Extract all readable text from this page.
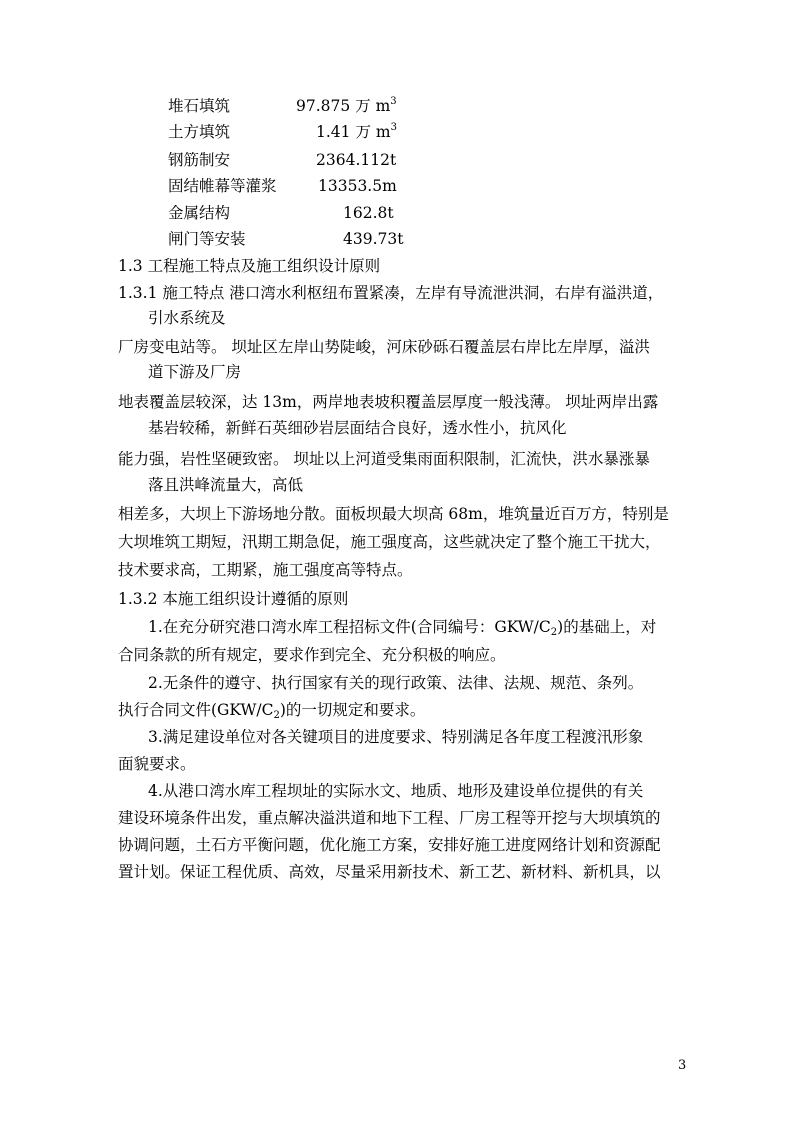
堆石填筑	97.875 万 $m^3$
土方填筑	1.41 万 $m^3$
钢筋制安	2364.112t
固结帷幕等灌浆	13353.5m
金属结构	162.8t
闸门等安装	439.73t
1.3 工程施工特点及施工组织设计原则
1.3.1 施工特点 港口湾水利枢纽布置紧凑，左岸有导流泄洪洞，右岸有溢洪道，
引水系统及
厂房变电站等。 坝址区左岸山势陡峻，河床砂砾石覆盖层右岸比左岸厚，溢洪
道下游及厂房
地表覆盖层较深，达 13m，两岸地表坡积覆盖层厚度一般浅薄。 坝址两岸出露
基岩较稀，新鲜石英细砂岩层面结合良好，透水性小，抗风化
能力强，岩性坚硬致密。 坝址以上河道受集雨面积限制，汇流快，洪水暴涨暴
落且洪峰流量大，高低
相差多，大坝上下游场地分散。面板坝最大坝高 68m，堆筑量近百万方，特别是
大坝堆筑工期短，汛期工期急促，施工强度高，这些就决定了整个施工干扰大，
技术要求高，工期紧，施工强度高等特点。
1.3.2 本施工组织设计遵循的原则
1.在充分研究港口湾水库工程招标文件(合同编号：GKW/$C_2$)的基础上，对
合同条款的所有规定，要求作到完全、充分积极的响应。
2.无条件的遵守、执行国家有关的现行政策、法律、法规、规范、条列。
执行合同文件$(GKW/C_2)$的一切规定和要求。
3.满足建设单位对各关键项目的进度要求、特别满足各年度工程渡汛形象
面貌要求。
4.从港口湾水库工程坝址的实际水文、地质、地形及建设单位提供的有关
建设环境条件出发，重点解决溢洪道和地下工程、厂房工程等开挖与大坝填筑的
协调问题，土石方平衡问题，优化施工方案，安排好施工进度网络计划和资源配
置计划。保证工程优质、高效，尽量采用新技术、新工艺、新材料、新机具，以
3
